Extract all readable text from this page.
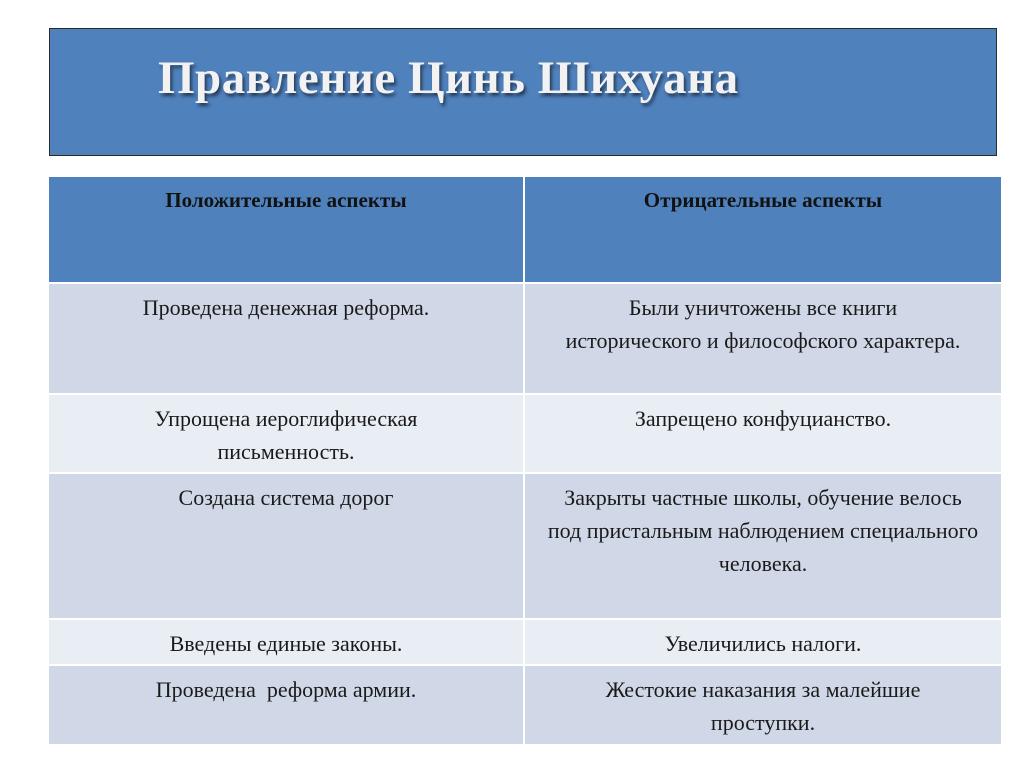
Правление Цинь Шихуана
Положительные аспекты	Отрицательные аспекты
Проведена денежная реформа.	Были уничтожены все книги исторического и философского характера.
Упрощена иероглифическая письменность.	Запрещено конфуцианство.
Создана система дорог	Закрыты частные школы, обучение велось под пристальным наблюдением специального человека.
Введены единые законы.	Увеличились налоги.
Проведена  реформа армии.	Жестокие наказания за малейшие проступки.
